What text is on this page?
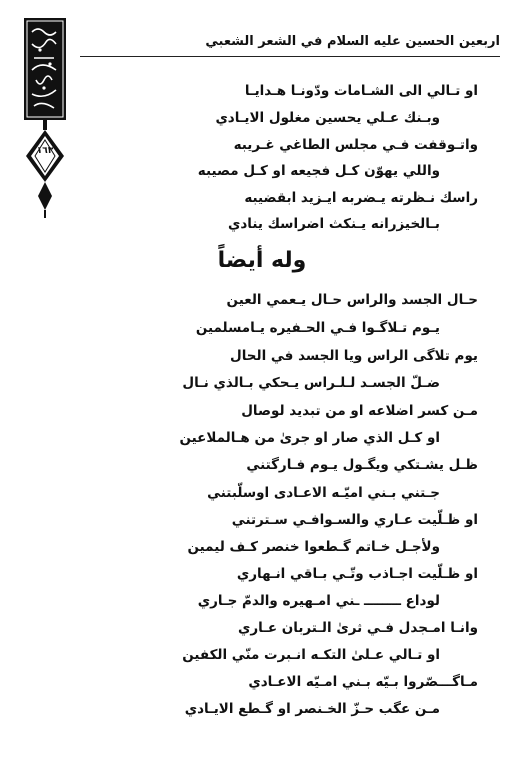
١٦٣
اربعين الحسين عليه السلام في الشعر الشعبي
او تـالي الى الشـامات ودّونـا هـدايـا
وبـنك عـلي يحسين مغلول الايـادي
واتـوقفت فـي مجلس الطاغي غـريبه
واللي يهوّن كـل فجيعه او كـل مصيبه
راسك نـظرته يـضربه ايـزيد ابقضيبه
بـالخيزرانه يـنكث اضراسك ينادي
وله أيضاً
حـال الجسد والراس حـال يـعمي العين
يـوم تـلاگـوا فـي الحـفيره يـامسلمين
يوم تلاگى الراس ويا الجسد في الحال
ضـلّ الجسـد لـلـراس يـحكي بـالذي نـال
مـن كسر اضلاعه او من تبديد لوصال
او كـل الذي صار او جرىٰ من هـالملاعين
ظـل يشـتكي ويگـول يـوم فـارگتني
جـتني بـني اميّـه الاعـادى اوسلّبتني
او ظـلّيت عـاري والسـوافـي سـترتني
ولأجـل خـاتم گـطعوا خنصر كـف ليمين
او ظـلّيت اجـاذب وتّـي بـاقي انـهاري
لوداع ــــــــ ـني امـهيره والدمّ جـاري
وانـا امـجدل فـي ثرىٰ الـتربان عـاري
او تـالي عـلىٰ التكـه انـبرت منّي الكفين
مـاگـــصّروا بـيّه بـني امـيّه الاعـادي
مـن عگب حـزّ الخـنصر او گـطع الايـادي
